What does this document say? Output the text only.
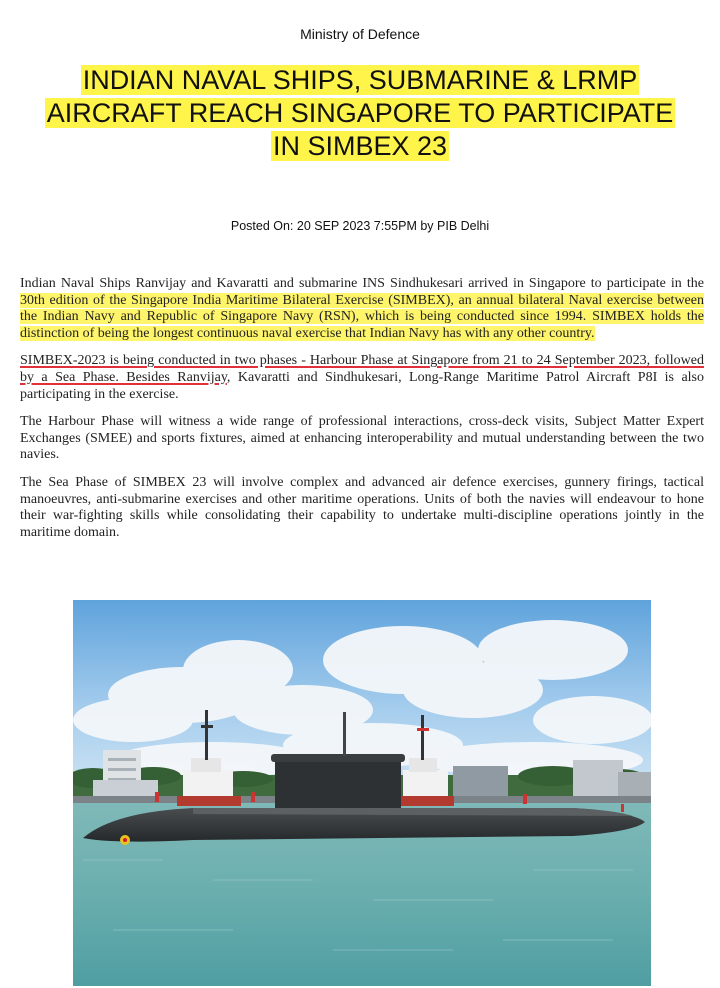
Ministry of Defence
INDIAN NAVAL SHIPS, SUBMARINE & LRMP
AIRCRAFT REACH SINGAPORE TO PARTICIPATE
IN SIMBEX 23
Posted On: 20 SEP 2023 7:55PM by PIB Delhi

Indian Naval Ships Ranvijay and Kavaratti and submarine INS Sindhukesari arrived in Singapore to participate in the 30th edition of the Singapore India Maritime Bilateral Exercise (SIMBEX), an annual bilateral Naval exercise between the Indian Navy and Republic of Singapore Navy (RSN), which is being conducted since 1994. SIMBEX holds the distinction of being the longest continuous naval exercise that Indian Navy has with any other country.

SIMBEX-2023 is being conducted in two phases - Harbour Phase at Singapore from 21 to 24 September 2023, followed by a Sea Phase. Besides Ranvijay, Kavaratti and Sindhukesari, Long-Range Maritime Patrol Aircraft P8I is also participating in the exercise.

The Harbour Phase will witness a wide range of professional interactions, cross-deck visits, Subject Matter Expert Exchanges (SMEE) and sports fixtures, aimed at enhancing interoperability and mutual understanding between the two navies.

The Sea Phase of SIMBEX 23 will involve complex and advanced air defence exercises, gunnery firings, tactical manoeuvres, anti-submarine exercises and other maritime operations. Units of both the navies will endeavour to hone their war-fighting skills while consolidating their capability to undertake multi-discipline operations jointly in the maritime domain.
